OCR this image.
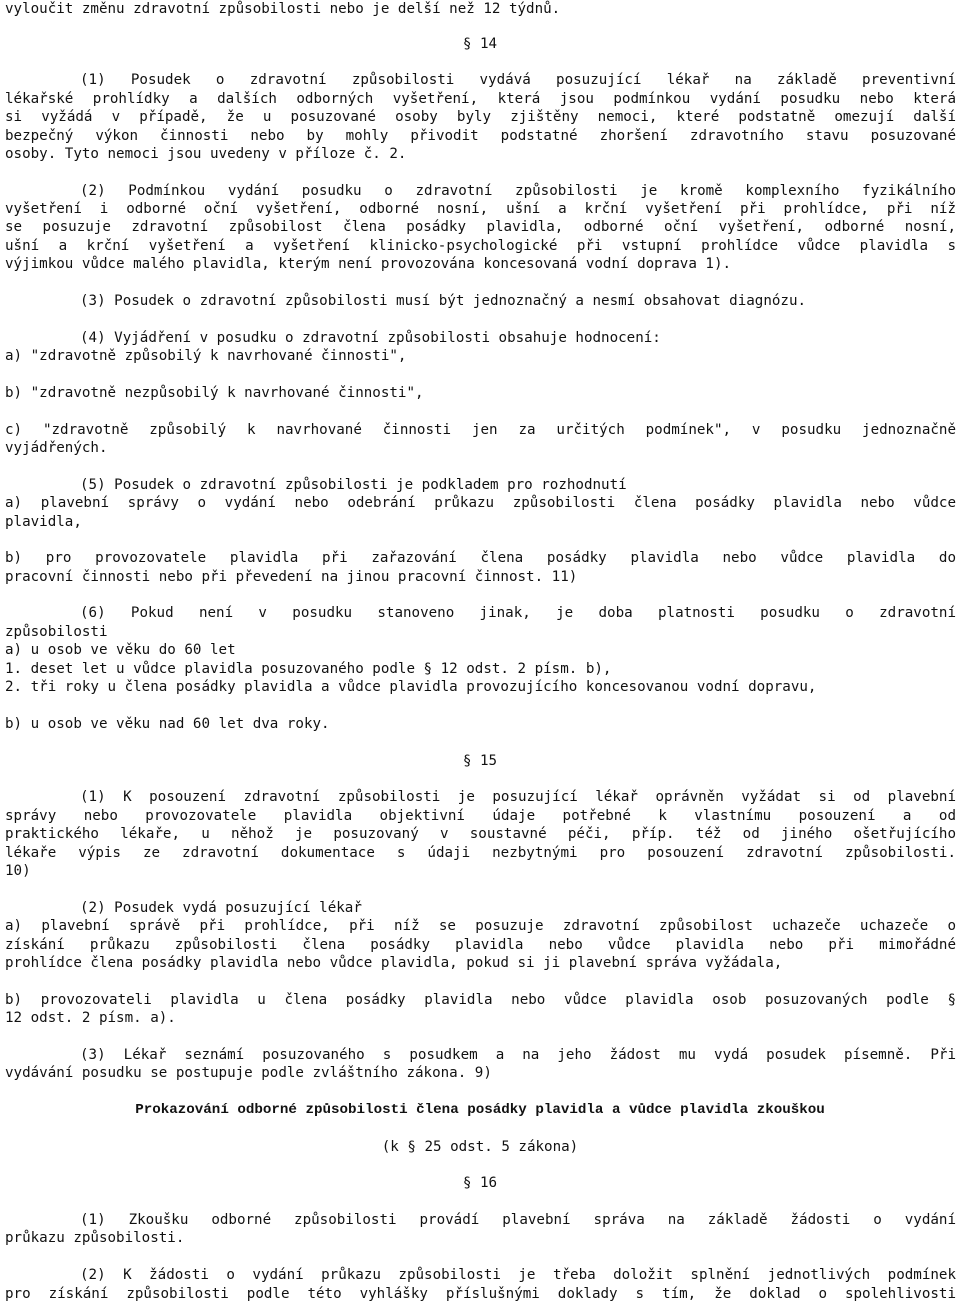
vyloučit změnu zdravotní způsobilosti nebo je delší než 12 týdnů.
§ 14
(1) Posudek o zdravotní způsobilosti vydává posuzující lékař na základě preventivní
lékařské prohlídky a dalších odborných vyšetření, která jsou podmínkou vydání posudku nebo která
si vyžádá v případě, že u posuzované osoby byly zjištěny nemoci, které podstatně omezují další
bezpečný výkon činnosti nebo by mohly přivodit podstatné zhoršení zdravotního stavu posuzované
osoby. Tyto nemoci jsou uvedeny v příloze č. 2.
(2) Podmínkou vydání posudku o zdravotní způsobilosti je kromě komplexního fyzikálního
vyšetření i odborné oční vyšetření, odborné nosní, ušní a krční vyšetření při prohlídce, při níž
se posuzuje zdravotní způsobilost člena posádky plavidla, odborné oční vyšetření, odborné nosní,
ušní a krční vyšetření a vyšetření klinicko-psychologické při vstupní prohlídce vůdce plavidla s
výjimkou vůdce malého plavidla, kterým není provozována koncesovaná vodní doprava 1).
(3) Posudek o zdravotní způsobilosti musí být jednoznačný a nesmí obsahovat diagnózu.
(4) Vyjádření v posudku o zdravotní způsobilosti obsahuje hodnocení:
a) "zdravotně způsobilý k navrhované činnosti",
b) "zdravotně nezpůsobilý k navrhované činnosti",
c) "zdravotně způsobilý k navrhované činnosti jen za určitých podmínek", v posudku jednoznačně
vyjádřených.
(5) Posudek o zdravotní způsobilosti je podkladem pro rozhodnutí
a) plavební správy o vydání nebo odebrání průkazu způsobilosti člena posádky plavidla nebo vůdce
plavidla,
b) pro provozovatele plavidla při zařazování člena posádky plavidla nebo vůdce plavidla do
pracovní činnosti nebo při převedení na jinou pracovní činnost. 11)
(6) Pokud není v posudku stanoveno jinak, je doba platnosti posudku o zdravotní
způsobilosti
a) u osob ve věku do 60 let
1. deset let u vůdce plavidla posuzovaného podle § 12 odst. 2 písm. b),
2. tři roky u člena posádky plavidla a vůdce plavidla provozujícího koncesovanou vodní dopravu,
b) u osob ve věku nad 60 let dva roky.
§ 15
(1) K posouzení zdravotní způsobilosti je posuzující lékař oprávněn vyžádat si od plavební
správy nebo provozovatele plavidla objektivní údaje potřebné k vlastnímu posouzení a od
praktického lékaře, u něhož je posuzovaný v soustavné péči, příp. též od jiného ošetřujícího
lékaře výpis ze zdravotní dokumentace s údaji nezbytnými pro posouzení zdravotní způsobilosti.
10)
(2) Posudek vydá posuzující lékař
a) plavební správě při prohlídce, při níž se posuzuje zdravotní způsobilost uchazeče uchazeče o
získání průkazu způsobilosti člena posádky plavidla nebo vůdce plavidla nebo při mimořádné
prohlídce člena posádky plavidla nebo vůdce plavidla, pokud si ji plavební správa vyžádala,
b) provozovateli plavidla u člena posádky plavidla nebo vůdce plavidla osob posuzovaných podle §
12 odst. 2 písm. a).
(3) Lékař seznámí posuzovaného s posudkem a na jeho žádost mu vydá posudek písemně. Při
vydávání posudku se postupuje podle zvláštního zákona. 9)
Prokazování odborné způsobilosti člena posádky plavidla a vůdce plavidla zkouškou
(k § 25 odst. 5 zákona)
§ 16
(1) Zkoušku odborné způsobilosti provádí plavební správa na základě žádosti o vydání
průkazu způsobilosti.
(2) K žádosti o vydání průkazu způsobilosti je třeba doložit splnění jednotlivých podmínek
pro získání způsobilosti podle této vyhlášky příslušnými doklady s tím, že doklad o spolehlivosti
